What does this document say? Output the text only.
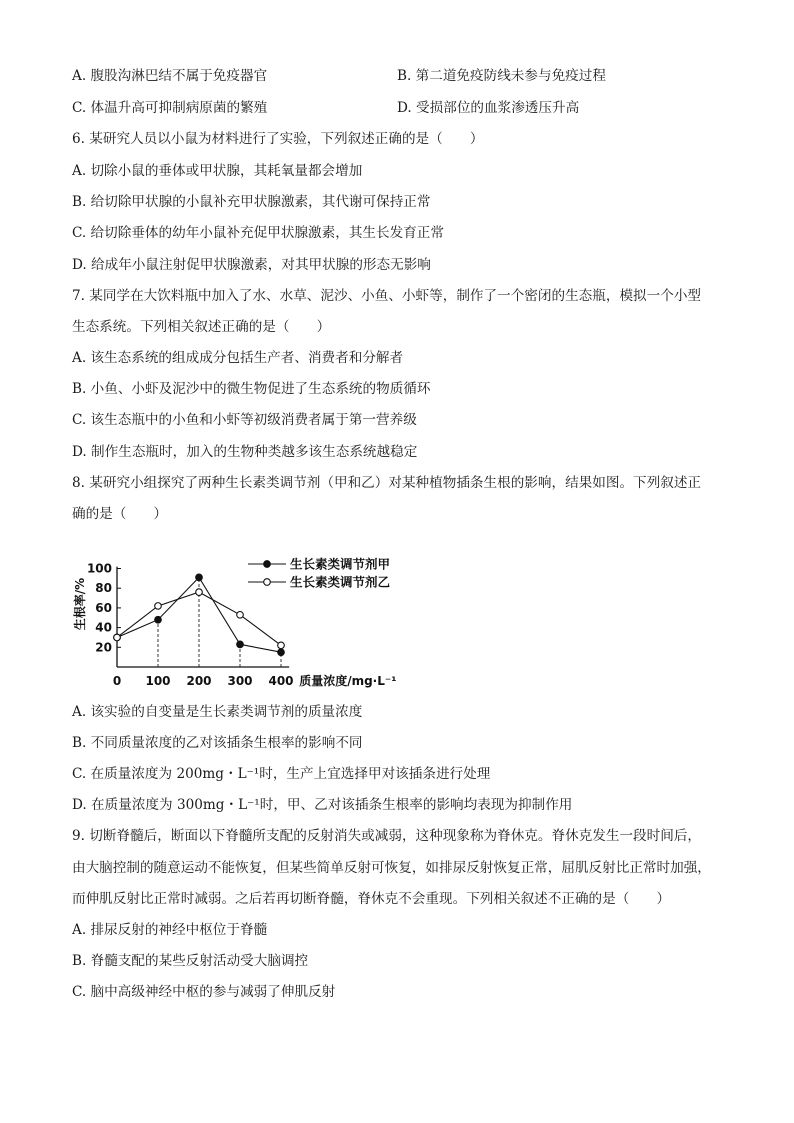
A. 腹股沟淋巴结不属于免疫器官	B. 第二道免疫防线未参与免疫过程
C. 体温升高可抑制病原菌的繁殖	D. 受损部位的血浆渗透压升高
6. 某研究人员以小鼠为材料进行了实验，下列叙述正确的是（　　）
A. 切除小鼠的垂体或甲状腺，其耗氧量都会增加
B. 给切除甲状腺的小鼠补充甲状腺激素，其代谢可保持正常
C. 给切除垂体的幼年小鼠补充促甲状腺激素，其生长发育正常
D. 给成年小鼠注射促甲状腺激素，对其甲状腺的形态无影响
7. 某同学在大饮料瓶中加入了水、水草、泥沙、小鱼、小虾等，制作了一个密闭的生态瓶，模拟一个小型
生态系统。下列相关叙述正确的是（　　）
A. 该生态系统的组成成分包括生产者、消费者和分解者
B. 小鱼、小虾及泥沙中的微生物促进了生态系统的物质循环
C. 该生态瓶中的小鱼和小虾等初级消费者属于第一营养级
D. 制作生态瓶时，加入的生物种类越多该生态系统越稳定
8. 某研究小组探究了两种生长素类调节剂（甲和乙）对某种植物插条生根的影响，结果如图。下列叙述正
确的是（　　）
20
40
60
80
100
0 100 200 300 400
生根率/%
质量浓度/mg·L⁻¹
生长素类调节剂甲
生长素类调节剂乙
A. 该实验的自变量是生长素类调节剂的质量浓度
B. 不同质量浓度的乙对该插条生根率的影响不同
C. 在质量浓度为 200mg・L⁻¹时，生产上宜选择甲对该插条进行处理
D. 在质量浓度为 300mg・L⁻¹时，甲、乙对该插条生根率的影响均表现为抑制作用
9. 切断脊髓后，断面以下脊髓所支配的反射消失或减弱，这种现象称为脊休克。脊休克发生一段时间后，
由大脑控制的随意运动不能恢复，但某些简单反射可恢复，如排尿反射恢复正常，屈肌反射比正常时加强，
而伸肌反射比正常时减弱。之后若再切断脊髓，脊休克不会重现。下列相关叙述不正确的是（　　）
A. 排尿反射的神经中枢位于脊髓
B. 脊髓支配的某些反射活动受大脑调控
C. 脑中高级神经中枢的参与减弱了伸肌反射
